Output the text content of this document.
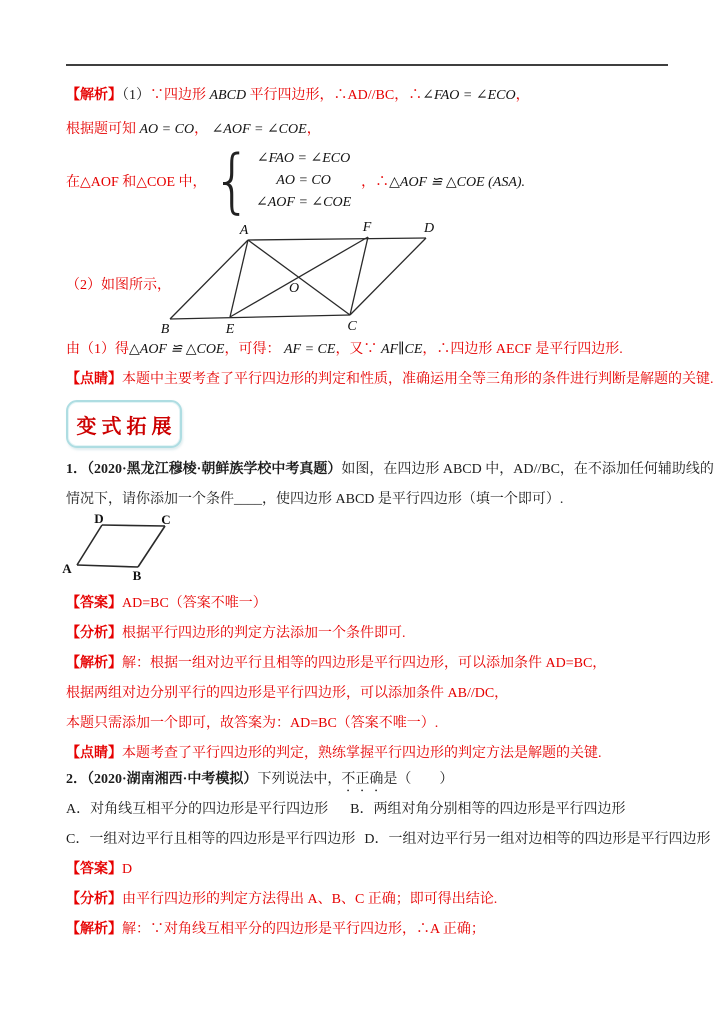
【解析】（1）∵四边形 ABCD 平行四边形，∴AD//BC，∴∠FAO = ∠ECO，
根据题可知 AO = CO， ∠AOF = ∠COE，
在△AOF 和△COE 中， { ∠FAO = ∠ECO
AO = CO
∠AOF = ∠COE
，∴△AOF ≌ △COE (ASA).
A	F	D
B	E	C
O
（2）如图所示，
由（1）得△AOF ≌ △COE，可得： AF = CE，又∵ AF∥CE，∴四边形 AECF 是平行四边形.
【点睛】本题中主要考查了平行四边形的判定和性质，准确运用全等三角形的条件进行判断是解题的关键.
变式拓展
1．（2020·黑龙江穆棱·朝鲜族学校中考真题）如图，在四边形 ABCD 中，AD//BC，在不添加任何辅助线的
情况下，请你添加一个条件____，使四边形 ABCD 是平行四边形（填一个即可）.
D	C
A	B
【答案】AD=BC（答案不唯一）
【分析】根据平行四边形的判定方法添加一个条件即可.
【解析】解：根据一组对边平行且相等的四边形是平行四边形，可以添加条件 AD=BC，
根据两组对边分别平行的四边形是平行四边形，可以添加条件 AB//DC，
本题只需添加一个即可，故答案为：AD=BC（答案不唯一）.
【点睛】本题考查了平行四边形的判定，熟练掌握平行四边形的判定方法是解题的关键.
2．（2020·湖南湘西·中考模拟）下列说法中，不正确是（　　）
A．对角线互相平分的四边形是平行四边形 B．两组对角分别相等的四边形是平行四边形
C．一组对边平行且相等的四边形是平行四边形 D．一组对边平行另一组对边相等的四边形是平行四边形
【答案】D
【分析】由平行四边形的判定方法得出 A、B、C 正确；即可得出结论.
【解析】解：∵对角线互相平分的四边形是平行四边形，∴A 正确；
